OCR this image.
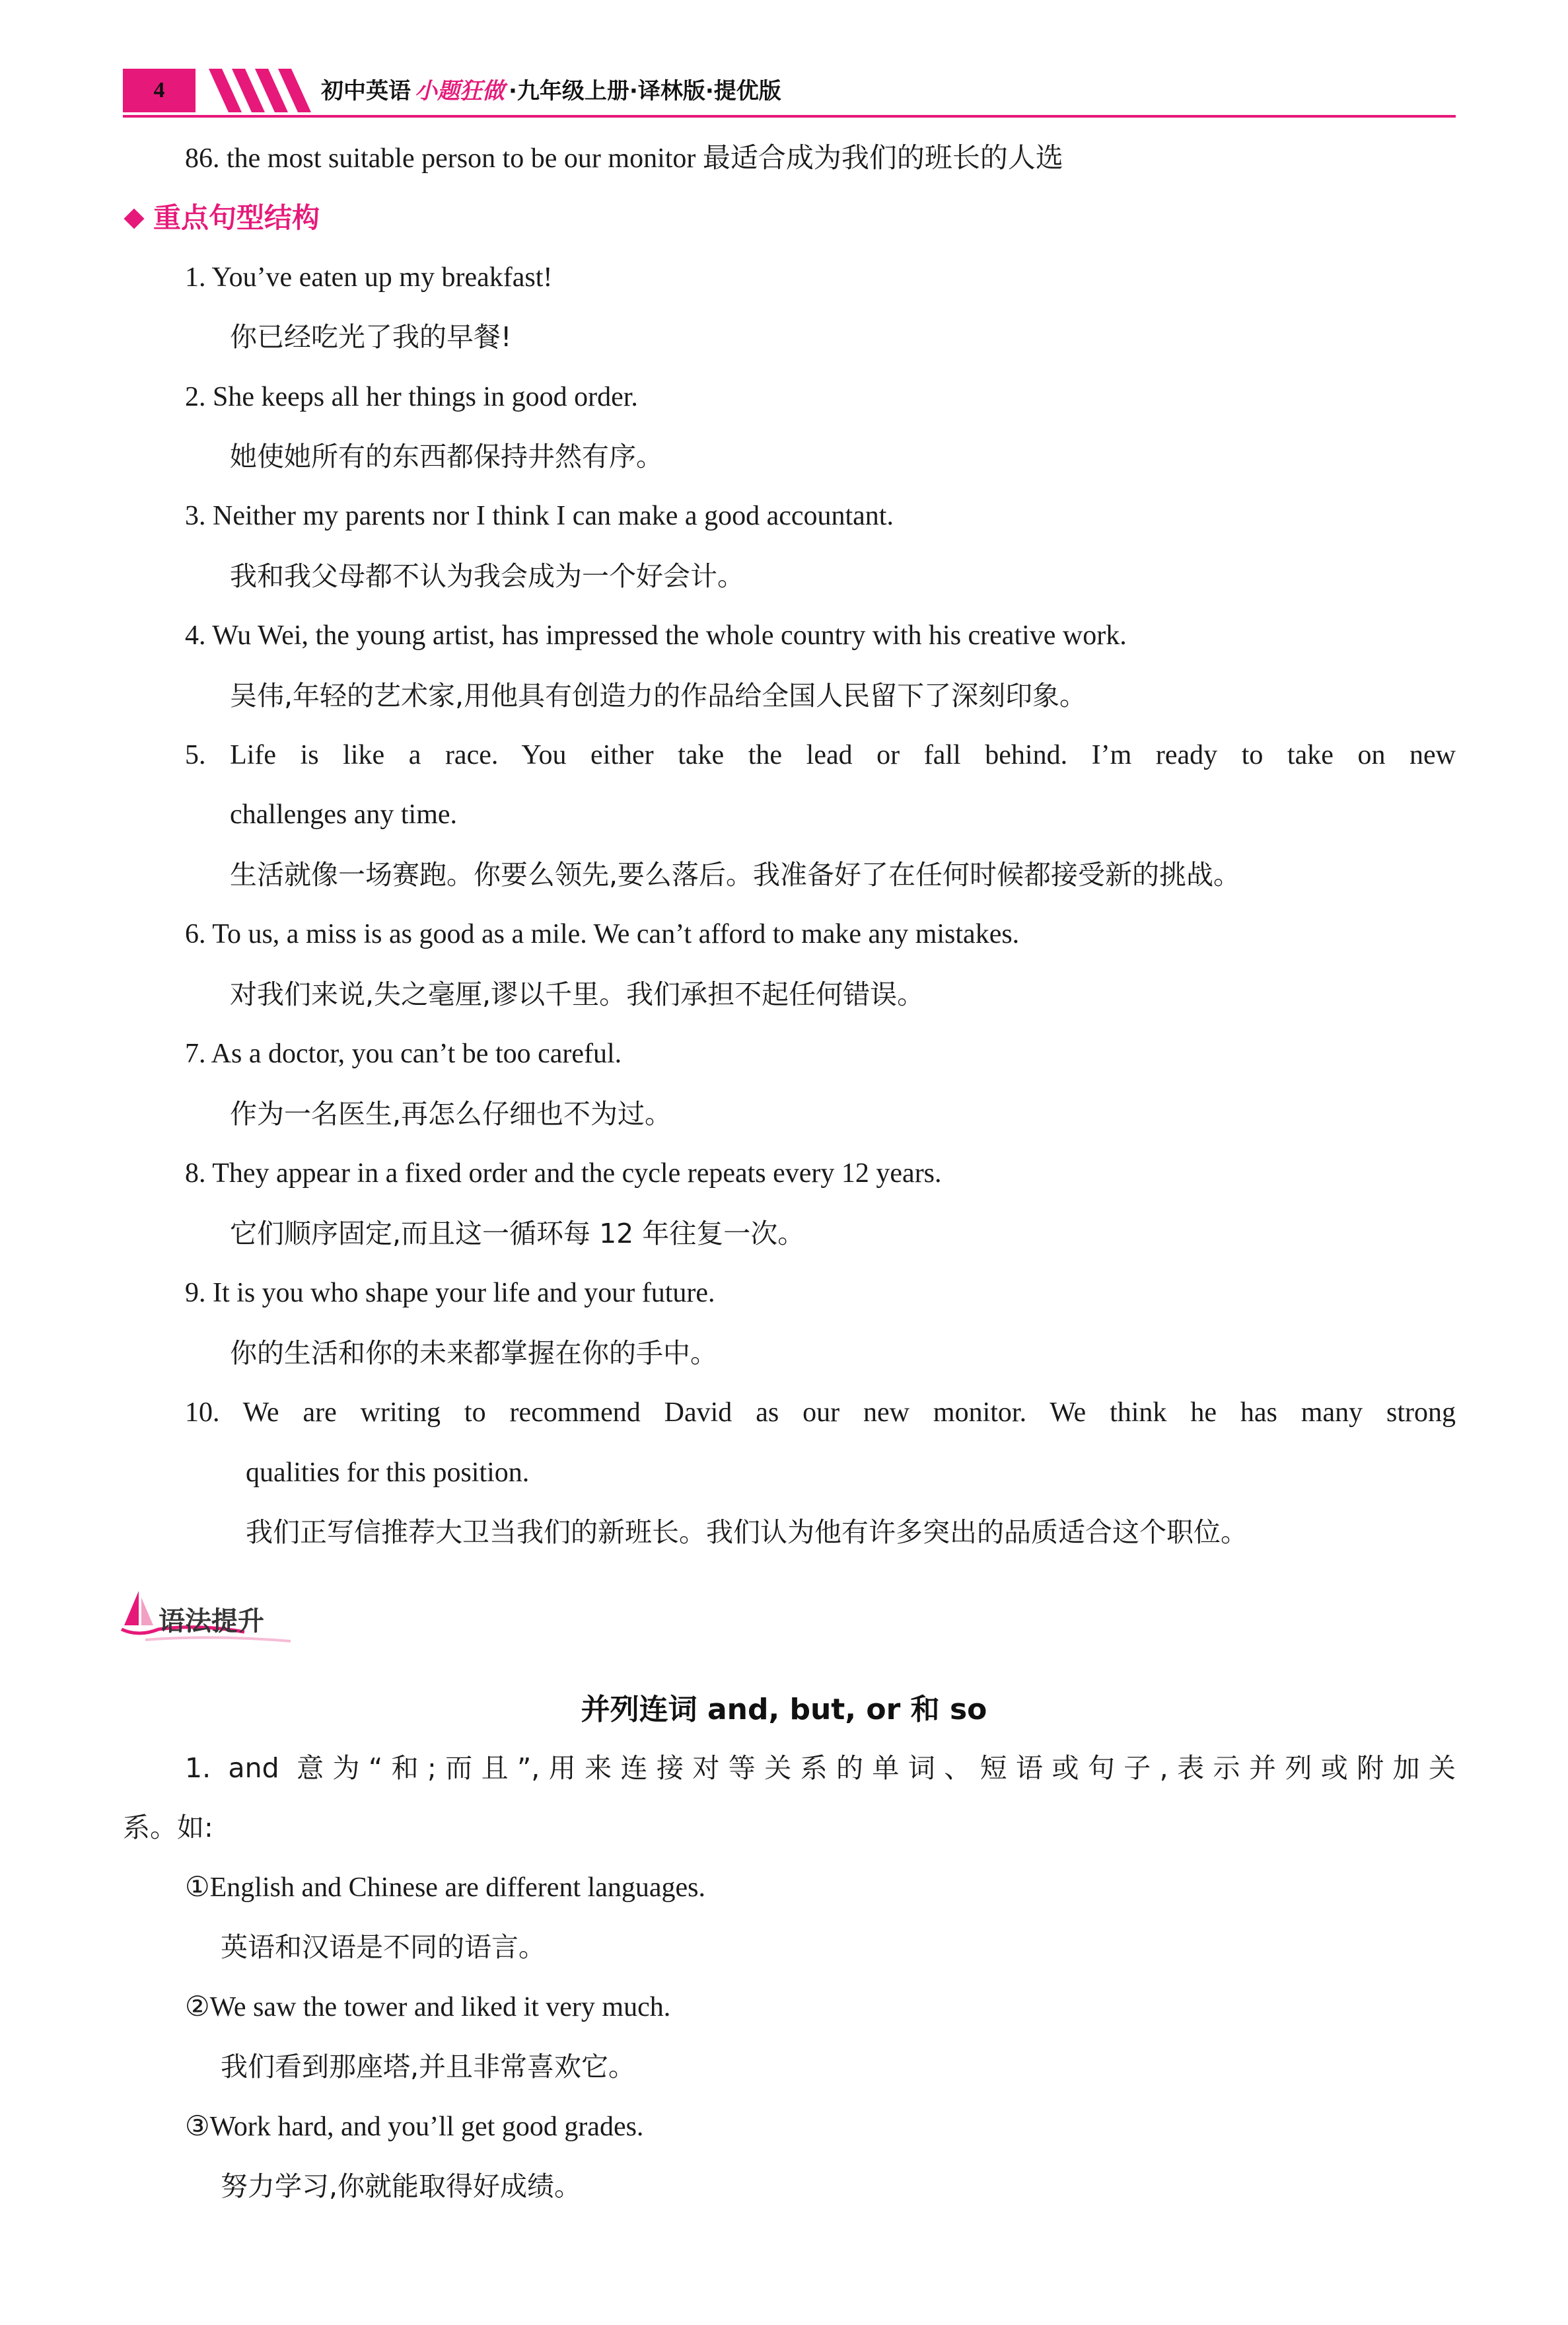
4	初中英语 小题狂做 ·九年级上册·译林版·提优版
86. the most suitable person to be our monitor 最适合成为我们的班长的人选
重点句型结构
1. You’ve eaten up my breakfast!
你已经吃光了我的早餐!
2. She keeps all her things in good order.
她使她所有的东西都保持井然有序。
3. Neither my parents nor I think I can make a good accountant.
我和我父母都不认为我会成为一个好会计。
4. Wu Wei, the young artist, has impressed the whole country with his creative work.
吴伟,年轻的艺术家,用他具有创造力的作品给全国人民留下了深刻印象。
5. Life is like a race. You either take the lead or fall behind. I’m ready to take on new
challenges any time.
生活就像一场赛跑。你要么领先,要么落后。我准备好了在任何时候都接受新的挑战。
6. To us, a miss is as good as a mile. We can’t afford to make any mistakes.
对我们来说,失之毫厘,谬以千里。我们承担不起任何错误。
7. As a doctor, you can’t be too careful.
作为一名医生,再怎么仔细也不为过。
8. They appear in a fixed order and the cycle repeats every 12 years.
它们顺序固定,而且这一循环每 12 年往复一次。
9. It is you who shape your life and your future.
你的生活和你的未来都掌握在你的手中。
10. We are writing to recommend David as our new monitor. We think he has many strong
qualities for this position.
我们正写信推荐大卫当我们的新班长。我们认为他有许多突出的品质适合这个职位。
语法提升
并列连词 and, but, or 和 so
1. and 意为“和;而且”,用来连接对等关系的单词、短语或句子,表示并列或附加关
系。如:
①English and Chinese are different languages.
英语和汉语是不同的语言。
②We saw the tower and liked it very much.
我们看到那座塔,并且非常喜欢它。
③Work hard, and you’ll get good grades.
努力学习,你就能取得好成绩。
